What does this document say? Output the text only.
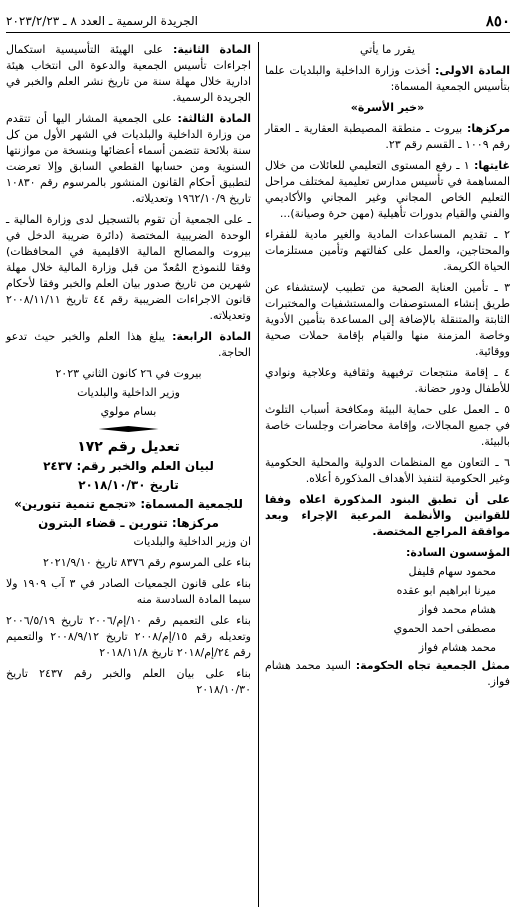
٨٥٠
الجريدة الرسمية ـ العدد ٨ ـ ٢٠٢٣/٢/٢٣

يقرر ما يأتي

المادة الاولى: أخذت وزارة الداخلية والبلديات علما بتأسيس الجمعية المسماة:

«خير الأسرة»

مركزها: بيروت ـ منطقة المصيطبة العقارية ـ العقار رقم ١٠٠٩ ـ القسم رقم ٢٣.

غايتها: ١ ـ رفع المستوى التعليمي للعائلات من خلال المساهمة في تأسيس مدارس تعليمية لمختلف مراحل التعليم الخاص المجاني وغير المجاني والأكاديمي والفني والقيام بدورات تأهيلية (مهن حرة وصيانة)...

٢ ـ تقديم المساعدات المادية والغير مادية للفقراء والمحتاجين، والعمل على كفالتهم وتأمين مستلزمات الحياة الكريمة.

٣ ـ تأمين العناية الصحية من تطبيب لإستشفاء عن طريق إنشاء المستوصفات والمستشفيات والمختبرات الثابتة والمتنقلة بالإضافة إلى المساعدة بتأمين الأدوية وخاصة المزمنة منها والقيام بإقامة حملات صحية ووقائية.

٤ ـ إقامة منتجعات ترفيهية وثقافية وعلاجية ونوادي للأطفال ودور حضانة.

٥ ـ العمل على حماية البيئة ومكافحة أسباب التلوث في جميع المجالات، وإقامة محاضرات وجلسات خاصة بالبيئة.

٦ ـ التعاون مع المنظمات الدولية والمحلية الحكومية وغير الحكومية لتنفيذ الأهداف المذكورة أعلاه.

على أن تطبق البنود المذكورة اعلاه وفقا للقوانين والأنظمة المرعية الإجراء وبعد موافقة المراجع المختصة.

المؤسسون السادة:

محمود سهام قليفل

ميرنا ابراهيم ابو عقده

هشام محمد فواز

مصطفى احمد الحموي

محمد هشام فواز

ممثل الجمعية تجاه الحكومة: السيد محمد هشام فواز.

المادة الثانية: على الهيئة التأسيسية استكمال اجراءات تأسيس الجمعية والدعوة الى انتخاب هيئة ادارية خلال مهلة سنة من تاريخ نشر العلم والخبر في الجريدة الرسمية.

المادة الثالثة: على الجمعية المشار اليها أن تتقدم من وزارة الداخلية والبلديات في الشهر الأول من كل سنة بلائحة تتضمن أسماء أعضائها وبنسخة من موازنتها السنوية ومن حسابها القطعي السابق وإلا تعرضت لتطبيق أحكام القانون المنشور بالمرسوم رقم ١٠٨٣٠ تاريخ ١٩٦٢/١٠/٩ وتعديلاته.

ـ على الجمعية أن تقوم بالتسجيل لدى وزارة المالية ـ الوحدة الضريبية المختصة (دائرة ضريبة الدخل في بيروت والمصالح المالية الاقليمية في المحافظات) وفقا للنموذج المُعدّ من قبل وزارة المالية خلال مهلة شهرين من تاريخ صدور بيان العلم والخبر وفقا لأحكام قانون الاجراءات الضريبية رقم ٤٤ تاريخ ٢٠٠٨/١١/١١ وتعديلاته.

المادة الرابعة: يبلغ هذا العلم والخبر حيث تدعو الحاجة.

بيروت في ٢٦ كانون الثاني ٢٠٢٣

وزير الداخلية والبلديات

بسام مولوي

تعديل رقم ١٧٢

لبيان العلم والخبر رقم: ٢٤٣٧

تاريخ ٢٠١٨/١٠/٣٠

للجمعية المسماة: «تجمع تنمية تنورين»

مركزها: تنورين ـ قضاء البترون

ان وزير الداخلية والبلديات

بناء على المرسوم رقم ٨٣٧٦ تاريخ ٢٠٢١/٩/١٠

بناء على قانون الجمعيات الصادر في ٣ آب ١٩٠٩ ولا سيما المادة السادسة منه

بناء على التعميم رقم ١٠/إم/٢٠٠٦ تاريخ ٢٠٠٦/٥/١٩ وتعديله رقم ١٥/إم/٢٠٠٨ تاريخ ٢٠٠٨/٩/١٢ والتعميم رقم ٢٤/إم/٢٠١٨ تاريخ ٢٠١٨/١١/٨

بناء على بيان العلم والخبر رقم ٢٤٣٧ تاريخ ٢٠١٨/١٠/٣٠
